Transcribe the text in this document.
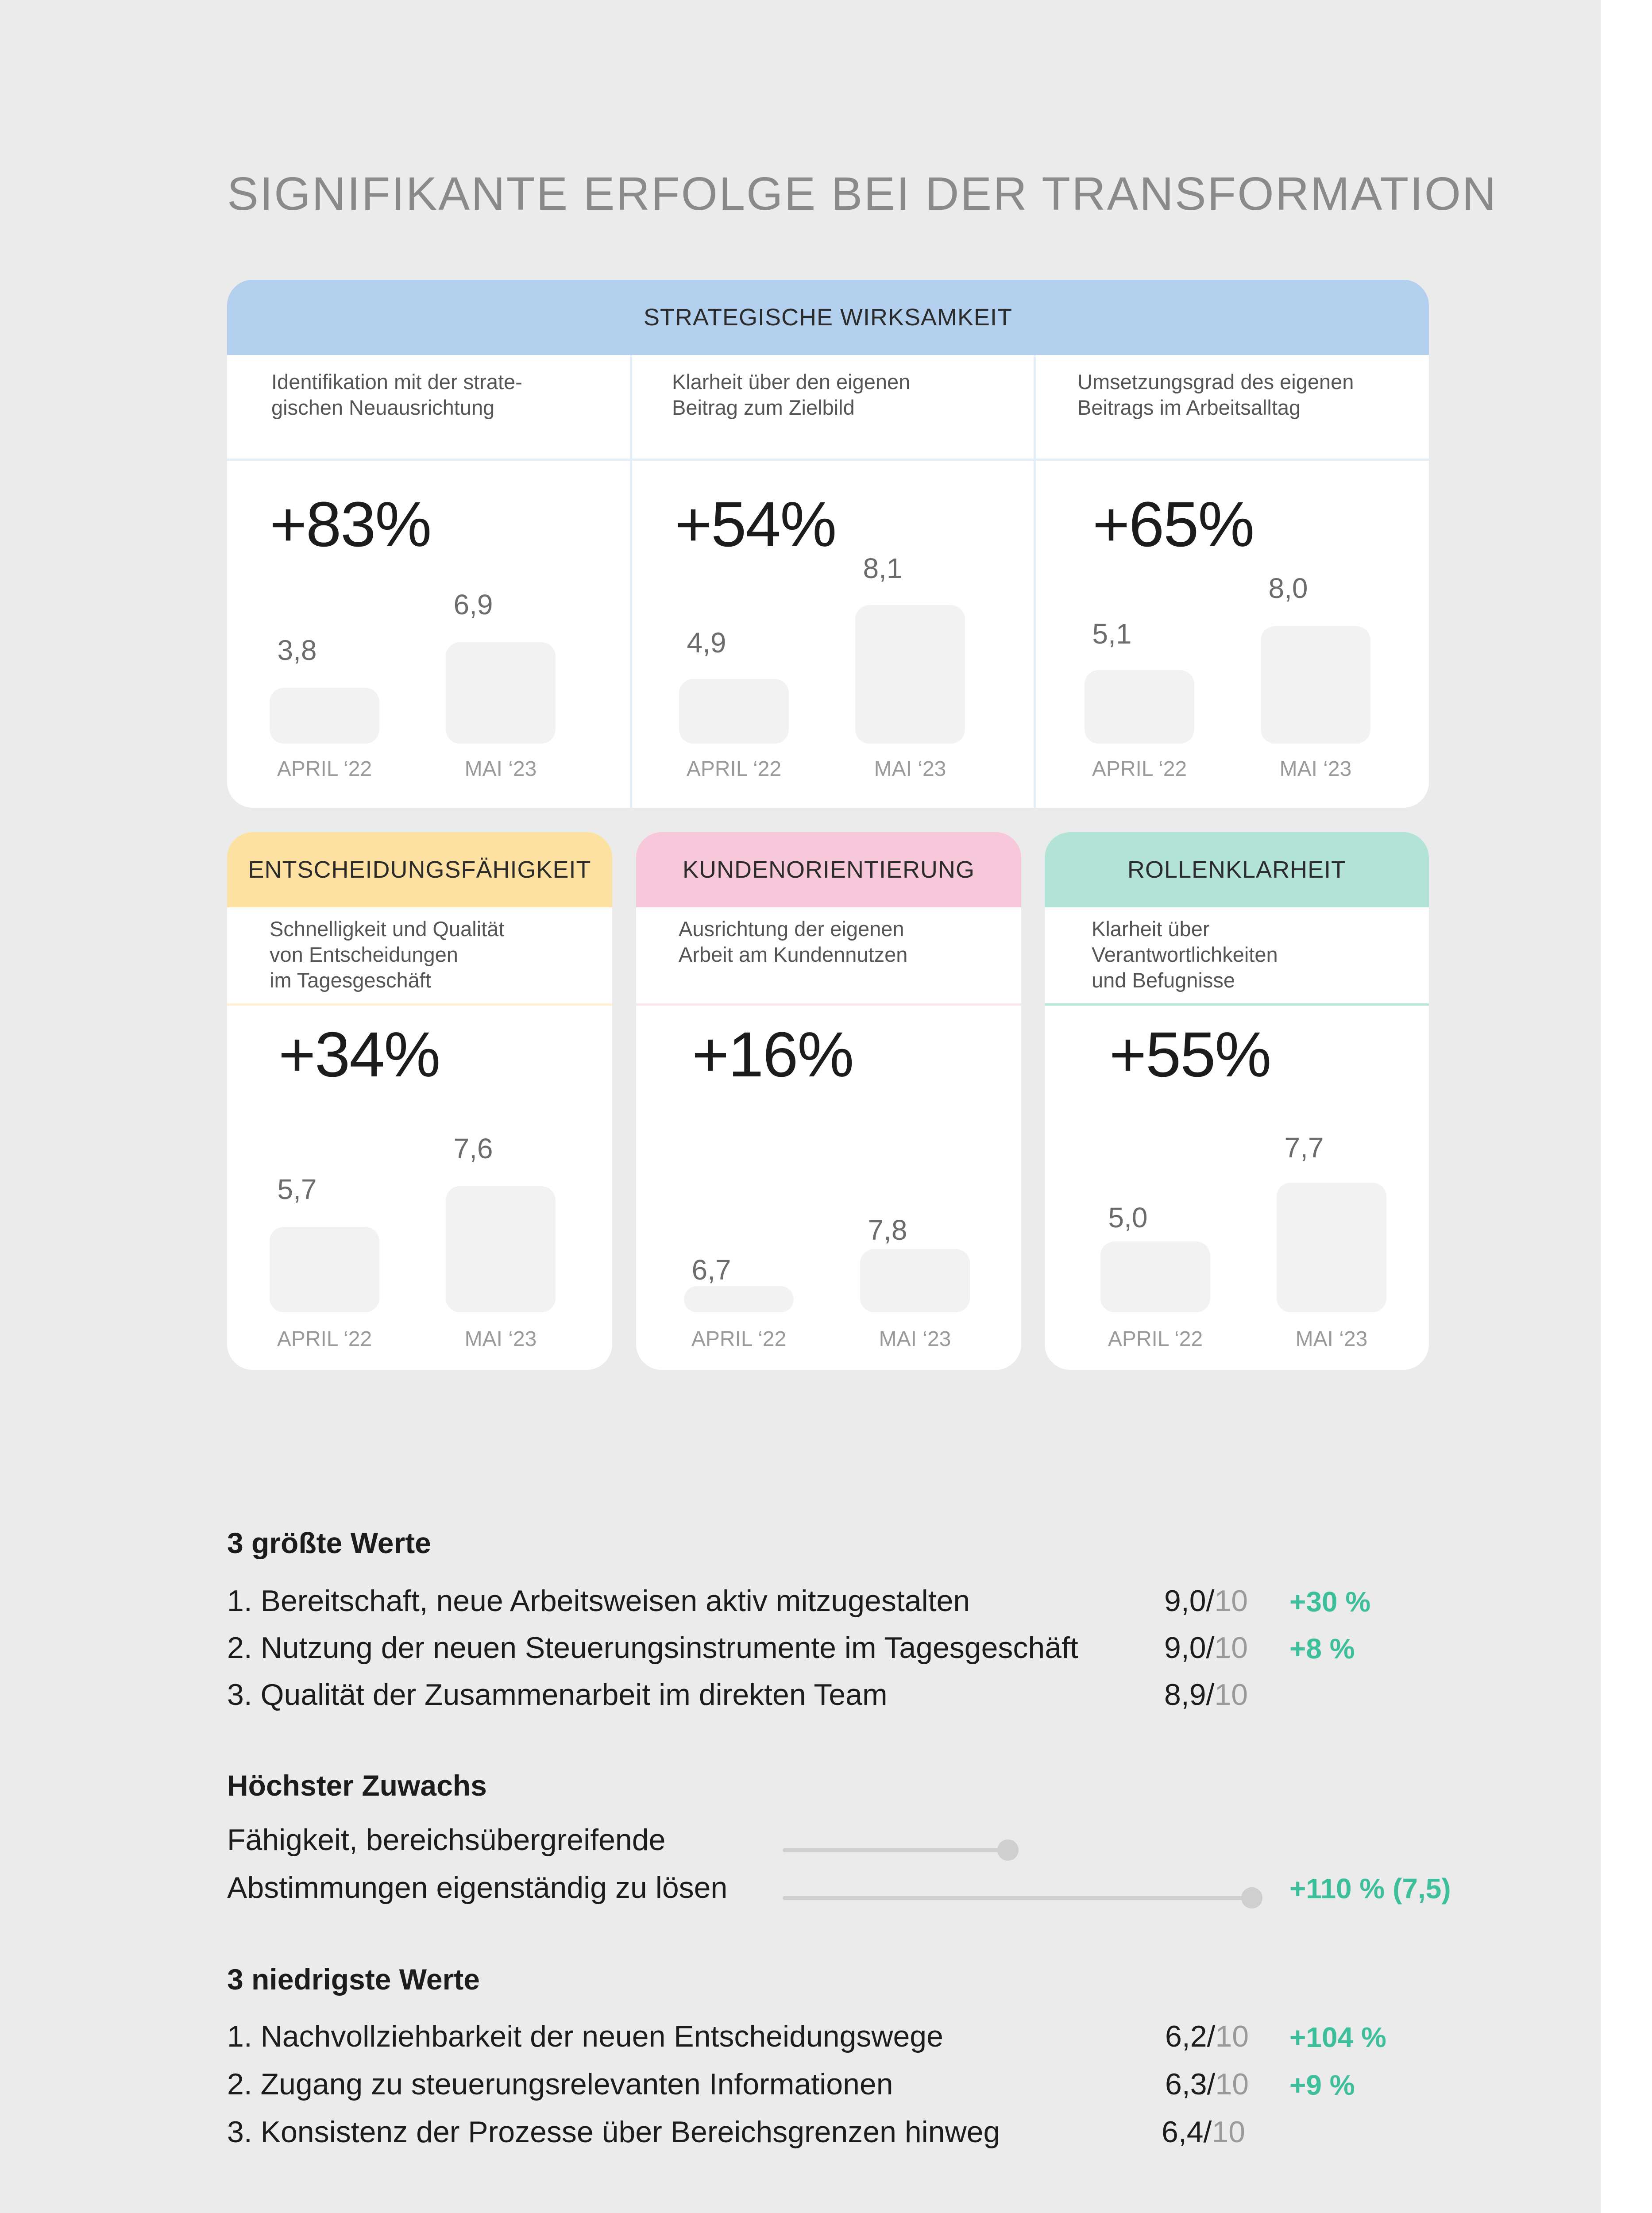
SIGNIFIKANTE ERFOLGE BEI DER TRANSFORMATION
STRATEGISCHE WIRKSAMKEIT
Identifikation mit der strate-
gischen Neuausrichtung
+83%
3,8
6,9
APRIL ‘22	MAI ‘23
Klarheit über den eigenen
Beitrag zum Zielbild
+54%
4,9
8,1
APRIL ‘22	MAI ‘23
Umsetzungsgrad des eigenen
Beitrags im Arbeitsalltag
+65%
5,1
8,0
APRIL ‘22	MAI ‘23
ENTSCHEIDUNGSFÄHIGKEIT
Schnelligkeit und Qualität
von Entscheidungen
im Tagesgeschäft
+34%
5,7
7,6
APRIL ‘22	MAI ‘23
KUNDENORIENTIERUNG
Ausrichtung der eigenen
Arbeit am Kundennutzen
+16%
6,7
7,8
APRIL ‘22	MAI ‘23
ROLLENKLARHEIT
Klarheit über
Verantwortlichkeiten
und Befugnisse
+55%
5,0
7,7
APRIL ‘22	MAI ‘23
3 größte Werte
1. Bereitschaft, neue Arbeitsweisen aktiv mitzugestalten	9,0/10 +30 %
2. Nutzung der neuen Steuerungsinstrumente im Tagesgeschäft	9,0/10 +8 %
3. Qualität der Zusammenarbeit im direkten Team	8,9/10
Höchster Zuwachs
Fähigkeit, bereichsübergreifende
Abstimmungen eigenständig zu lösen	+110 % (7,5)
3 niedrigste Werte
1. Nachvollziehbarkeit der neuen Entscheidungswege	6,2/10 +104 %
2. Zugang zu steuerungsrelevanten Informationen	6,3/10 +9 %
3. Konsistenz der Prozesse über Bereichsgrenzen hinweg	6,4/10
